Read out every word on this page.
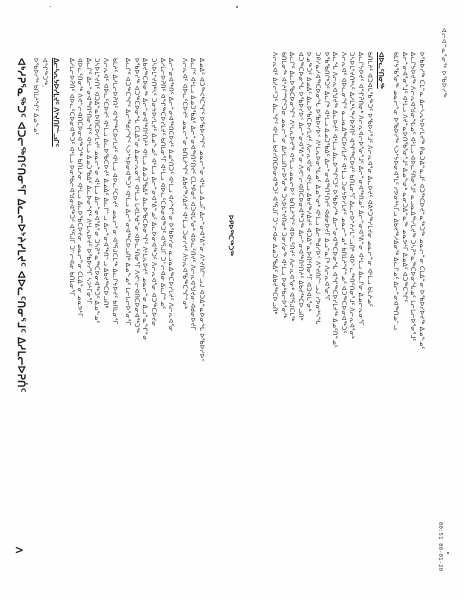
ᐊᓕᐊᓐᓇᕐᓂᖅ ᐅᖃᐅᓯᖅ
00:51 80-01-20
ᐅᑭᐅᖅᑕᖅᑐᖅ	ᐅᖃᐅᓯᖅ ᑕᒪᓐᓇ ᐃᓕᓴᕆᔭᐅᓯᒪᔪᖅ ᑭᓇᑐᐃᓐᓇᒧᑦ ᐊᑐᖅᑕᐅᔪᓐᓇᖅᑐᖅ ᓄᓇᓕᓐᓂ ᑕᒪᐃᓐᓂ ᐅᖃᐅᓯᐅᔪᖅ ᐃᓄᖕᓄᑦ
ᐃᓚᒋᔭᐅᔪᖅ ᐱᓕᕆᐊᖑᓂᖓᓄᑦ ᐊᒻᒪᓗ ᐊᐅᓚᑦᑎᓂᕐᒧᑦ ᓇᓗᓇᐃᖅᓯᒪᔪᖅ ᑐᓴᕈᓐᓇᖅᑕᐅᓂᖓᓄᑦ ᒪᓕᒐᓕᐅᕐᓂᕐᒧᑦ
ᐃᓕᓐᓂᐊᕐᓂᕐᒧᑦ ᐊᒻᒪᓗ ᐱᔪᓐᓇᐅᑎᖃᕐᓂᕐᒧᑦ ᐃᓄᖕᓂᒃ ᓇᓂᑐᐃᓐᓇᖅ ᓄᓇᕗᒻᒥ ᐃᓄᐃᑦ ᐊᑐᖅᑕᖏᑦ
ᑲᒪᒋᔭᖃᕐᓂᖅ ᓄᓇᓕᓐᓂ ᐅᖃᐅᓯᖅ ᓴᐳᔾᔭᐅᓂᐊᕐᒪᑦ ᓯᕗᓂᒃᓴᒥᓗ ᐃᑲᔪᖅᓱᐃᓂᖅ ᐃᓚᒌᓄᑦ ᐃᓕᓐᓂᐊᖅᑎᓄᓪᓗ
ᐊᐅᓚᑦᑎᓂᖅ
ᑲᑎᒪᔩᑦ ᐊᑐᐊᒐᖃᖅᑐᑦ ᐅᖃᐅᓯᕐᒧᑦ ᐱᓕᕆᐊᕐᓂ ᐃᓚᐅᔪᑦ ᐊᕕᒃᑐᖅᓯᒪᔪᓂ ᓄᓇᓕᓐᓂ ᐊᒻᒪᓗ ᑲᒪᔨᓄᑦ
ᐃᓚᒋᔭᐅᔪᑦ ᐊᖏᕈᑎᓂᒃ ᐱᓕᕆᐊᓕᐅᕐᓂᕐᒧᑦ ᐃᓕᓐᓂᐊᖅᑎᓄᑦ ᐃᓕᓐᓂᐊᕐᕕᓐᓂ ᐊᒻᒪᓗ ᐃᓚᒌᓂ ᐃᓄᓕᕆᓂᕐᒥ
ᑐᓴᐅᒪᔾᔪᑎᒃᓴᑦ ᐃᓱᒪᒃᓴᖅᓯᐅᕈᑎᑦ ᐊᖏᖅᑕᐅᔪᑦ ᑲᑎᒪᓂᕐᒥ ᐃᓚᓕᐅᔾᔨᓯᒪᓪᓗᑎᒃ ᐊᐅᓪᓚᖅᑎᑦᑎᓂᕐᒧᑦ ᐱᓕᕆᐊᕐᓂᒃ
ᐱᓕᕆᐊᑦ ᐊᐅᓚᓂᖏᑦ ᓇᓗᓇᐃᖅᑕᐅᓯᒪᔪᑦ ᐊᒻᒪᓗ ᑐᓂᔭᐅᓯᒪᔪᑦ ᓄᓇᓕᓐᓄᑦ ᑲᑎᒪᔨᖏᓐᓄᑦ ᐊᑐᖅᑕᐅᓂᐊᖅᑐᑦ
ᐃᓚᖓ ᐱᓕᕆᐊᖑᔪᖅ ᐃᓚᐅᔪᑦ ᐊᒻᒪᓗ ᐃᓚᐅᙱᑦᑐᑦ ᐅᖃᐅᓯᖅ ᐃᓕᓐᓂᐊᖅᑕᐅᓂᖓ ᐊᖏᖅᑕᐅᓯᒪᔪᖅ ᐃᓄᑦᑎᓐᓄᑦ
ᐅᖃᖃᑎᒌᒃᑐᑦ ᐃᓚᒌᒃ ᐊᒻᒪᓗ ᐃᓄᑐᖃᐃᑦ ᐃᓕᓐᓂᐊᖅᑎᑦᑎᔪᑦ ᐊᑯᓂᐅᔪᒥ ᐃᓗᓐᓇᒥᒃ ᐱᓕᕆᐊᕐᓂᕐᒥ
ᑐᑭᓯᓇᓱᐊᖅᑕᐅᓂᖓ ᐅᖃᐅᓯᐅᑉ ᐱᒻᒪᕆᐅᓂᖓᓄᑦ ᐃᓄᖕᓂᒃ ᐊᒻᒪᓗ ᐃᓕᖅᑯᓯᐅᑉ ᐱᔾᔪᑎᒋᓪᓗᒍ ᓯᕗᓂᒃᓴᖓ
ᐅᓄᖅᑐᑦ ᐃᓄᐃᑦ ᐃᓚᐅᖃᑕᐅᓯᒪᔪᑦ ᐱᓕᕆᐊᕐᓂ ᐊᒻᒪᓗ ᐃᑲᔪᖅᓱᐃᔪᑦ ᐊᑐᐃᓐᓇᐅᑎᑦᑎᓂᕐᒥ ᐊᑐᐊᒐᕐᓂᒃ
ᐊᑐᖅᑕᐅᓂᖓ ᐅᖃᐅᓯᐅᑉ ᐃᓕᓐᓂᐊᕐᕕᓐᓂ ᐱᕙᓪᓕᐊᑎᑕᐅᓂᐊᖅᑐᖅ ᐃᓕᓐᓂᐊᖅᑎᑦᑎᔩᑦ ᐃᑲᔪᖅᑕᐅᓗᑎᒃ
ᐃᓚᒌᑦ ᐃᓚᐅᖃᑕᐅᓂᖏᑦ ᐱᒻᒪᕆᐅᔪᖅ ᐊᒻᒪᓗ ᓄᓇᓕᐅᑉ ᑲᑎᒪᔨᖏᑦ ᐊᐅᓚᑦᑎᔪᑦ ᐱᓕᕆᐊᕐᓂᒃ ᐊᕐᕌᒍᑕᒫᖅ
ᑲᑎᒪᓂᖅ ᐊᔾᔨᒌᙱᑦᑐᓂ ᓄᓇᓕᓐᓂ ᐃᓱᒫᓘᑎᓕᐅᕐᓂᖅ ᑐᓴᐅᒪᔾᔪᑎᓂᒃ ᑐᓂᓯᓂᖅ ᐊᒻᒪᓗ ᐅᓂᒃᑳᓕᐅᕐᓂᖅ
ᐱᓕᕆᐊᑦ ᐃᓱᓕᑦᑐᑦ ᐃᓚᖏᑦ ᐊᒻᒪᓗ ᑲᔪᓯᑎᑕᐅᓂᐊᖅᑐᑦ ᐊᕐᕌᒍᒥ ᑐᓪᓕᐊᓂ ᐃᓄᑐᖃᐃᑦ ᐃᑲᔪᖅᑕᐅᓗᑎᒃ
ᐃᓄᐃᑦ ᐊᑐᖅᐸᒃᑕᖏᑦ ᐅᖃᐅᓯᖏᑦ ᓄᓇᓕᓐᓂ ᐊᒻᒪᓗ ᐃᓗᒥ ᐃᓕᓐᓂᐊᕐᕕᓐᓂ ᐱᔾᔪᑎᒋᓪᓗᒍ ᐊᑐᐃᓐᓇᐅᓂᖓ ᐅᖃᐅᓯᐅᑉ
ᐃᓚᒌᑦ ᐊᒻᒪᓗ ᐃᓄᑐᖃᐃᑦ ᐃᓕᓐᓂᐊᖅᑎᑦᑎᔪᑦ ᑕᒪᒃᑭᓂᑦ ᐊᑐᐊᒐᕐᓂᒃ ᐊᐅᓚᑦᑎᔪᑦ ᐱᓕᕆᐊᖑᔪᓂ ᐊᑯᓂᐅᔪᒥ
ᐱᓕᕆᐊᑦ ᐊᐅᓚᑦᑕᐅᔪᑦ ᓄᓇᓕᓐᓂ ᑲᑎᒪᔨᖏᑦ ᐃᑲᔪᖅᓱᐃᔪᑦ ᐊᒻᒪᓗ ᑐᓂᓯᔪᑦ ᐱᔭᕆᐊᖃᖅᑕᖏᓐᓂᒃ
ᐃᓕᓐᓂᐊᖅᑏᑦ ᐃᓕᓐᓂᐊᖅᑎᑕᐅᔪᑦ ᐃᓄᑦᑎᑐᑦ ᐊᒻᒪᓗ ᐊᓯᖏᓐᓂ ᐅᖃᐅᓯᓂ ᓇᓗᓇᐃᖅᑕᐅᓯᒪᔪᑦ ᐱᓕᕆᐊᕐᓂ
ᐃᓱᒪᓕᐅᕈᑏᑦ ᐊᖏᖅᑕᐅᓯᒪᔪᑦ ᑲᑎᒪᓂᕐᒥ ᐊᒻᒪᓗ ᐊᐅᓚᑦᑕᐅᓂᐊᖅᑐᑦ ᐊᕐᕌᒍᒥ ᑐᓪᓕᐊᓂ ᐃᓚᒌᓐᓄᑦ
ᑐᓴᐅᒪᔾᔪᑎᒃᓴᑦ ᑐᓂᔭᐅᓯᒪᔪᑦ ᐃᓄᖕᓄᑦ ᐊᒻᒪᓗ ᐃᓕᓐᓂᐊᕐᕕᓐᓄᑦ ᐃᓚᐅᓂᐊᖅᑐᑦ ᐱᓕᕆᐊᕐᓂ ᐊᑐᖅᑕᐅᔪᓂ
ᐃᑲᔪᖅᑕᐅᓂᖅ ᐃᓕᓐᓂᐊᖅᑎᑦᑎᔩᑦ ᐊᒻᒪᓗ ᐃᓄᑐᖃᐃᑦ ᐃᓚᐅᖃᑕᐅᓂᖏᑦ ᐱᒻᒪᕆᐅᔪᑦ ᓄᓇᓕᓐᓂ ᐃᓗᓐᓇᖏᓐᓂ
ᐅᖃᐅᓯᖅ ᐊᑐᖅᑕᐅᓂᖓ ᑕᒪᐃᓐᓂ ᐃᓄᓕᕆᓂᕐᒥ ᐊᒻᒪᓗ ᒐᕙᒪᒃᑯᓐᓂ ᐊᐅᓚᑦᑎᓂᕐᒥ ᐱᕙᓪᓕᐊᑎᑕᐅᓂᐊᖅᑐᖅ
ᐃᓚᒌᑦ ᐊᑐᖅᑕᖏᑦ ᐃᓕᖅᑯᓯᖏᑦ ᓴᐳᔾᔭᐅᓂᐊᖅᑐᑦ ᐊᒻᒪᓗ ᐃᓕᓐᓂᐊᖅᑕᐅᓗᑎᒃ ᐃᓄᖕᓄᑦ ᒪᓕᒐᓕᐅᕐᓂᕐᒥ
ᑲᒪᔩᑦ ᐃᓱᒪᓕᐅᕈᑏᑦ ᐊᖏᖅᑕᐅᓯᒪᔪᑦ ᐊᒻᒪᓗ ᐊᐅᓚᑦᑕᐅᔪᑦ ᓄᓇᓕᓐᓂ ᐊᕐᕌᒍᑕᒫᖅ ᐃᓚᒋᔭᐅᔪᑦ ᑲᑎᒪᓂᕐᒥ
ᐱᓕᕆᐊᑦ ᐊᐅᓚᑦᑕᐅᔪᑦ ᐊᒻᒪᓗ ᐃᓚᐅᖃᑕᐅᔪᑦ ᐃᓄᐃᑦ ᐃᓚᒌᓪᓗ ᐃᓕᓐᓂᐊᖅᑎᓪᓗ ᐃᑲᔪᖅᑕᐅᓗᑎᒃ
ᑐᓴᐅᒪᔾᔪᑎᑦ ᐊᑐᐃᓐᓇᐅᑎᑕᐅᓯᒪᔪᑦ ᓄᓇᓕᓐᓂ ᐊᒻᒪᓗ ᐃᓕᓐᓂᐊᕐᕕᓐᓂ ᑐᓴᕈᓐᓇᖅᑕᐅᓂᐊᖅᑐᑦ ᐃᓄᖕᓄᑦ
ᐃᓚᒌᑦ ᐃᓕᓐᓂᐊᖅᑎᑦᑎᓂᖏᑦ ᐊᒻᒪᓗ ᐃᓄᑐᖃᐃᑦ ᐃᓚᐅᓂᖏᑦ ᐱᒻᒪᕆᐅᔪᑦ ᐅᖃᐅᓯᕐᒥ ᓴᐳᒻᒥᓂᕐᒥ
ᐊᐅᓚᑦᑎᓂᖅ ᐱᕙᓪᓕᐊᑎᑕᐅᓂᐊᖅᑐᖅ ᑲᑎᒪᔨᓂ ᐊᒻᒪᓗ ᐃᓚᐅᖃᑕᐅᔪᓂ ᓄᓇᓕᓐᓂ ᑕᒪᐃᓐᓂ ᓄᓇᕗᒻᒥ
ᐃᓱᒪᓕᐅᕈᑏᑦ ᐊᐅᓚᑦᑕᐅᓂᐊᖅᑐᑦ ᐊᒻᒪᓗ ᐅᓂᒃᑳᓕᐊᖑᓂᐊᖅᑐᑦ ᐊᕐᕌᒍᒥ ᑐᓪᓕᐊᓂ ᑲᑎᒪᓂᕐᒥ
ᐃᓕᓴᕆᔭᐅᓯᒪᔪᑦ ᐱᔾᔪᑎᒋᓪᓗᒋᑦ
ᐊᖏᖅᑐᖅ,
ᐅᖃᐅᓯᖅ ᑲᑎᒪᔨᖏᑦ ᐃᓄᖕᓄᑦ
ᐊᒃᓱᕈᕐᓇᖅᑐᑦ ᐊᑐᓕᖅᑎᑦᑎᓂᕐᒥ ᐃᓚᓕᐅᔾᔨᓯᒪᔪᑦ ᐊᐅᓚᑦᑎᓂᕐᒧᑦ ᐃᓱᒪᓕᐅᕈᑏᑦ
ᐱ
